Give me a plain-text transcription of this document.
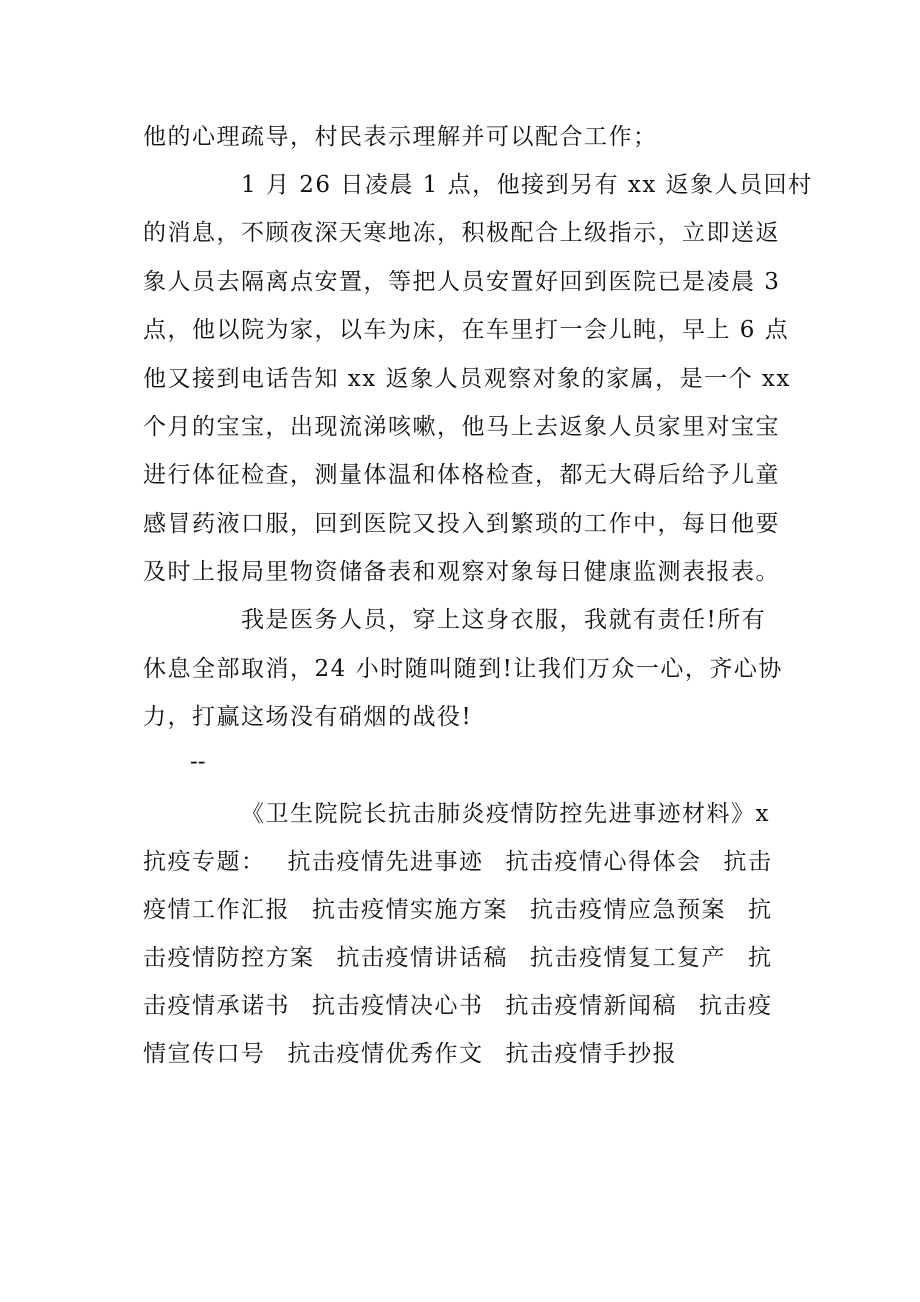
他的心理疏导，村民表示理解并可以配合工作；
1 月 26 日凌晨 1 点，他接到另有 xx 返象人员回村
的消息，不顾夜深天寒地冻，积极配合上级指示，立即送返
象人员去隔离点安置，等把人员安置好回到医院已是凌晨 3
点，他以院为家，以车为床，在车里打一会儿盹，早上 6 点
他又接到电话告知 xx 返象人员观察对象的家属，是一个 xx
个月的宝宝，出现流涕咳嗽，他马上去返象人员家里对宝宝
进行体征检查，测量体温和体格检查，都无大碍后给予儿童
感冒药液口服，回到医院又投入到繁琐的工作中，每日他要
及时上报局里物资储备表和观察对象每日健康监测表报表。
我是医务人员，穿上这身衣服，我就有责任!所有
休息全部取消，24 小时随叫随到!让我们万众一心，齐心协
力，打赢这场没有硝烟的战役!
--
《卫生院院长抗击肺炎疫情防控先进事迹材料》x
抗疫专题： 抗击疫情先进事迹 抗击疫情心得体会 抗击
疫情工作汇报 抗击疫情实施方案 抗击疫情应急预案 抗
击疫情防控方案 抗击疫情讲话稿 抗击疫情复工复产 抗
击疫情承诺书 抗击疫情决心书 抗击疫情新闻稿 抗击疫
情宣传口号 抗击疫情优秀作文 抗击疫情手抄报
